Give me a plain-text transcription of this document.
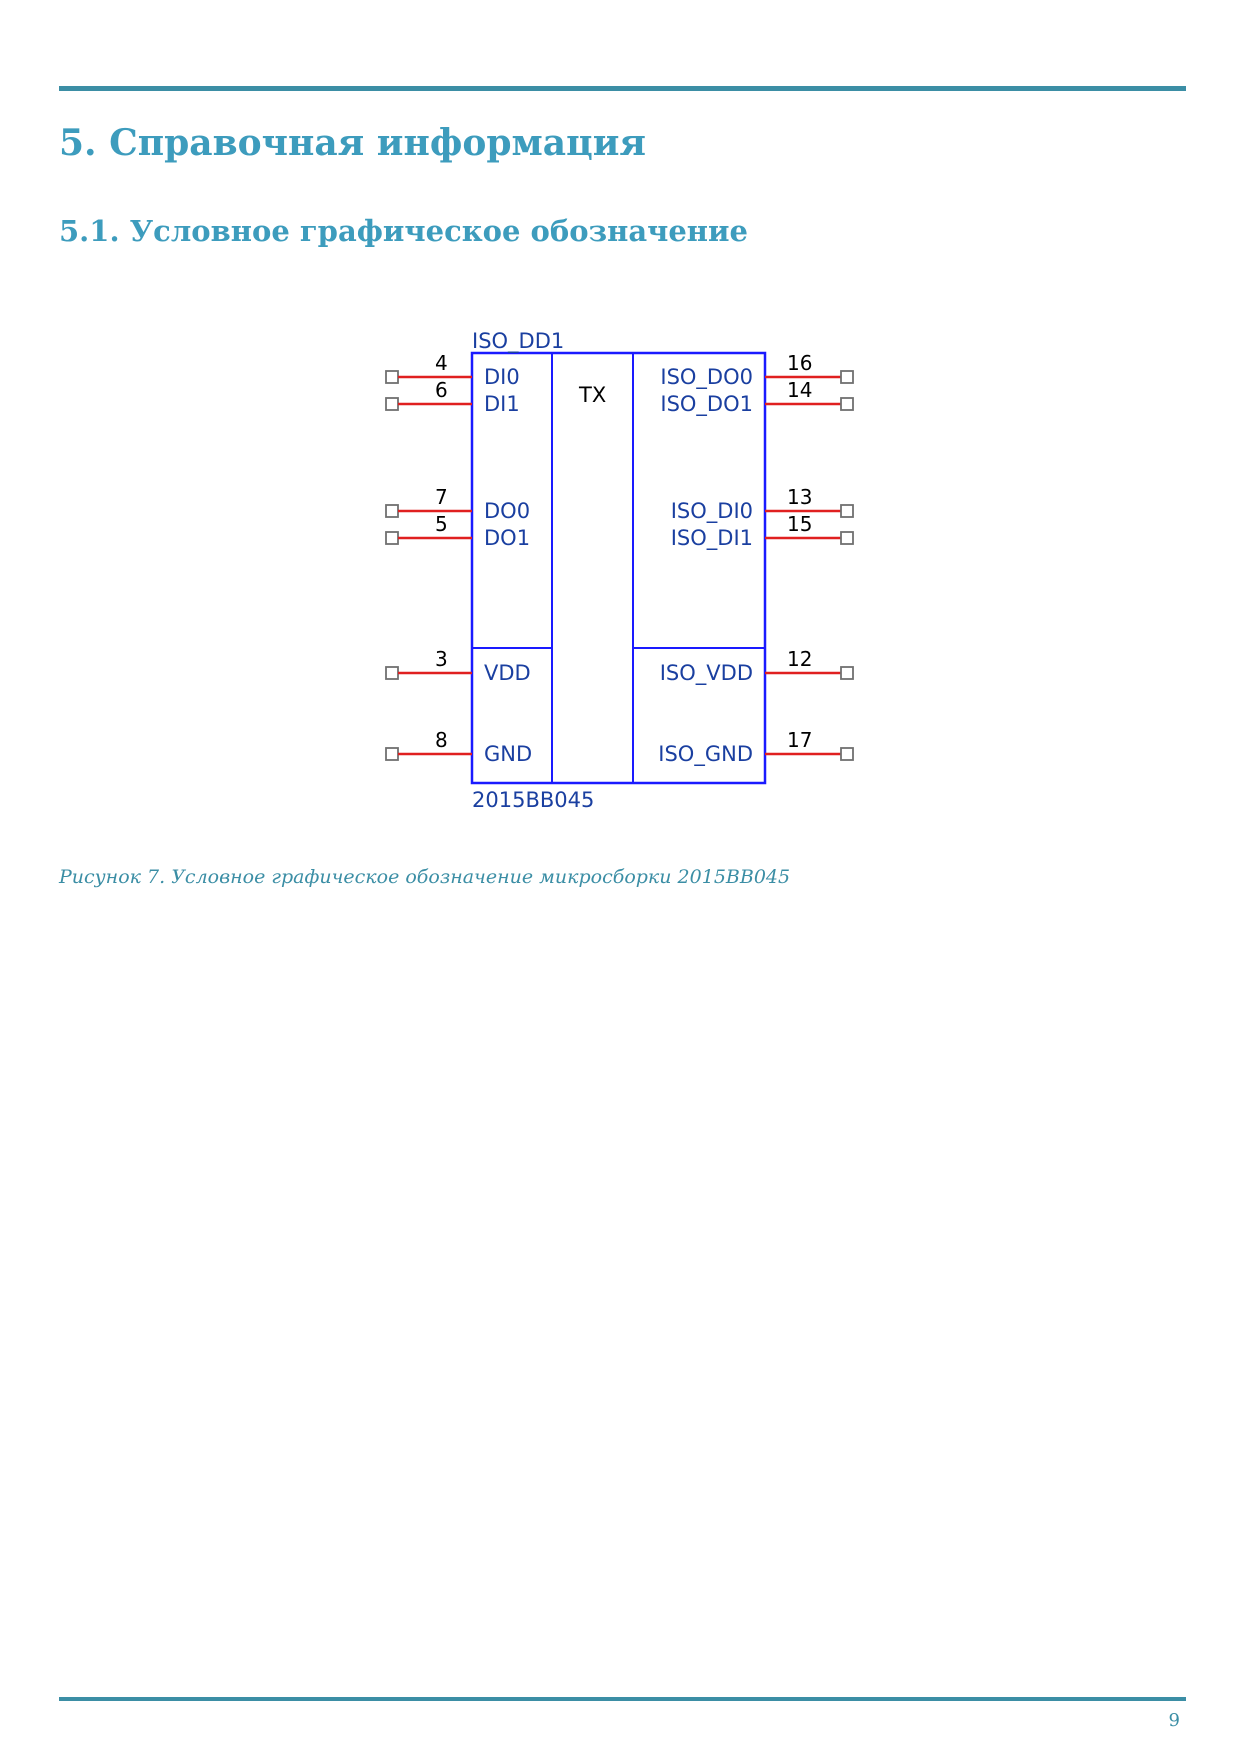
5. Справочная информация
5.1. Условное графическое обозначение
ISO_DD1
2015BB045
TX
4
DI0
6
DI1
7
DO0
5
DO1
3
VDD
8
GND
16
ISO_DO0
14
ISO_DO1
13
ISO_DI0
15
ISO_DI1
12
ISO_VDD
17
ISO_GND

Рисунок 7. Условное графическое обозначение микросборки 2015BB045

9
